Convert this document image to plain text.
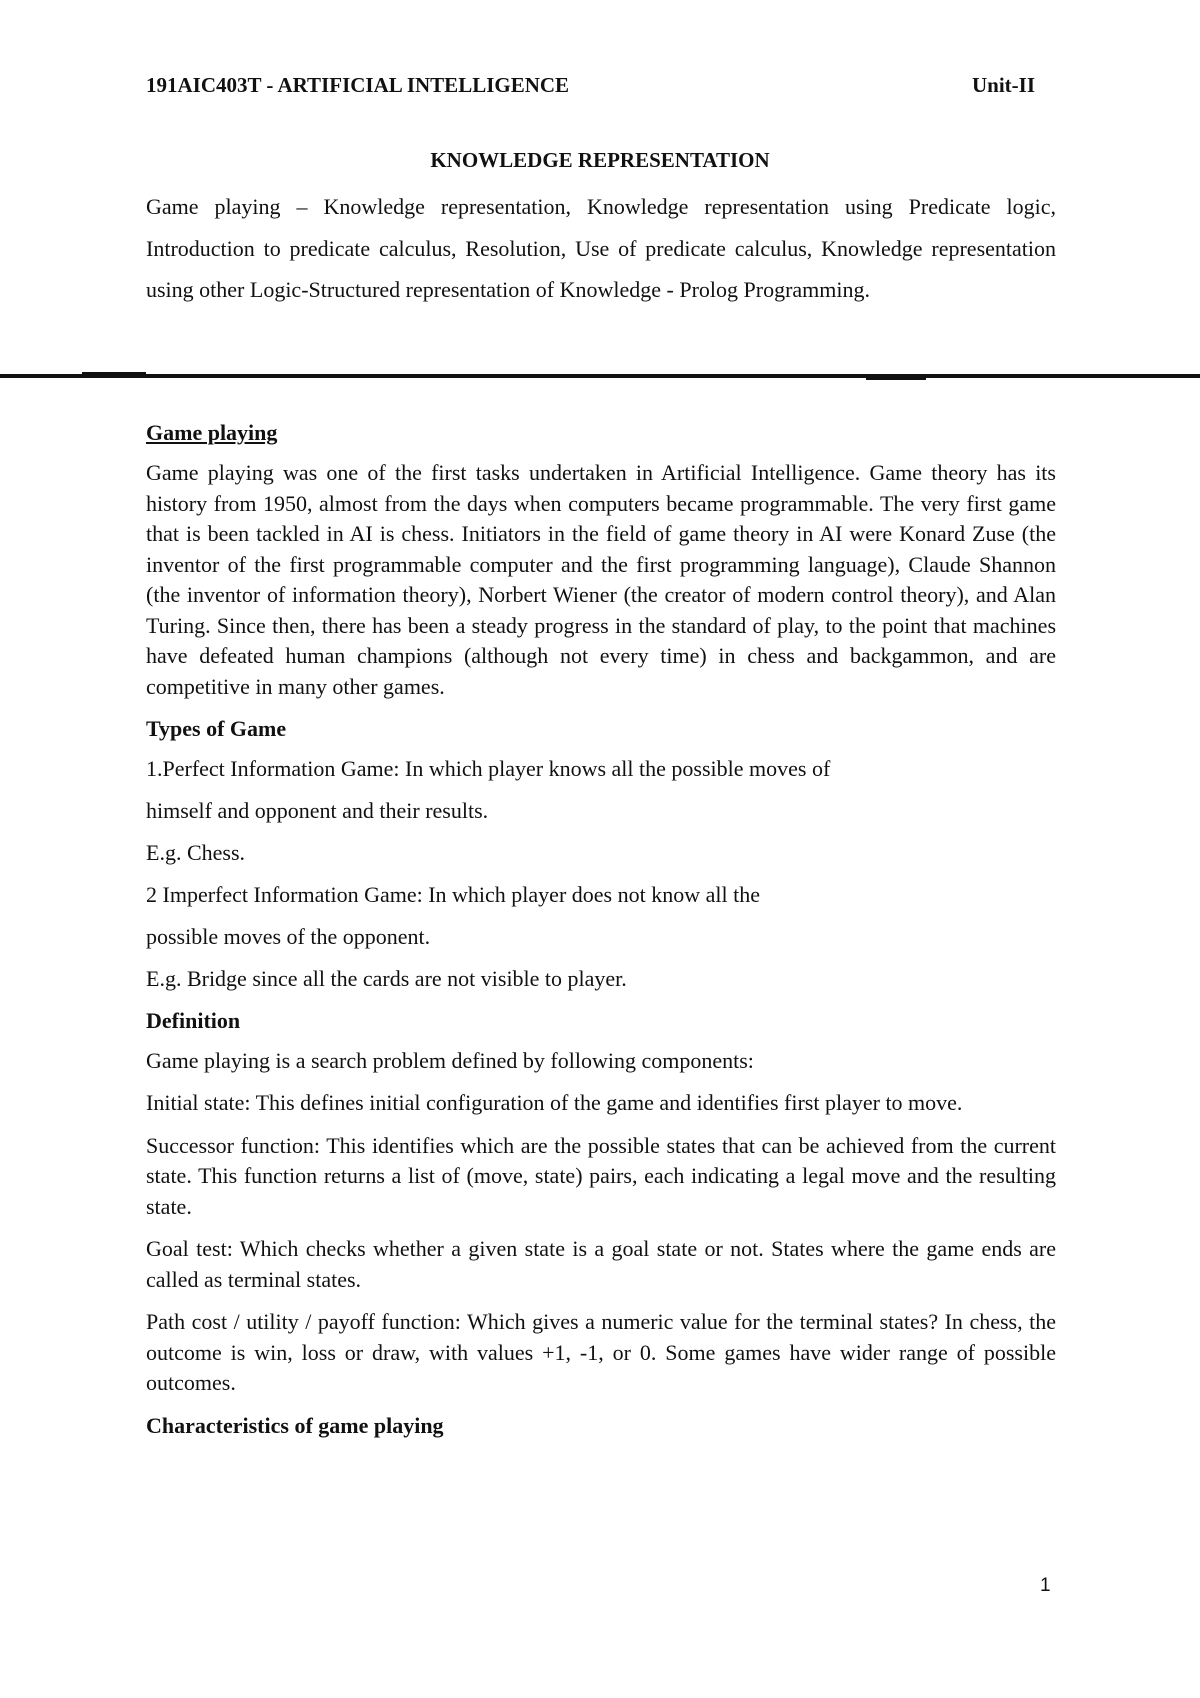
191AIC403T - ARTIFICIAL INTELLIGENCE	Unit-II
KNOWLEDGE REPRESENTATION

Game playing – Knowledge representation, Knowledge representation using Predicate logic, Introduction to predicate calculus, Resolution, Use of predicate calculus, Knowledge representation using other Logic-Structured representation of Knowledge - Prolog Programming.

Game playing

Game playing was one of the first tasks undertaken in Artificial Intelligence. Game theory has its history from 1950, almost from the days when computers became programmable. The very first game that is been tackled in AI is chess. Initiators in the field of game theory in AI were Konard Zuse (the inventor of the first programmable computer and the first programming language), Claude Shannon (the inventor of information theory), Norbert Wiener (the creator of modern control theory), and Alan Turing. Since then, there has been a steady progress in the standard of play, to the point that machines have defeated human champions (although not every time) in chess and backgammon, and are competitive in many other games.

Types of Game

1.Perfect Information Game: In which player knows all the possible moves of

himself and opponent and their results.

E.g. Chess.

2 Imperfect Information Game: In which player does not know all the

possible moves of the opponent.

E.g. Bridge since all the cards are not visible to player.

Definition

Game playing is a search problem defined by following components:

Initial state: This defines initial configuration of the game and identifies first player to move.

Successor function: This identifies which are the possible states that can be achieved from the current state. This function returns a list of (move, state) pairs, each indicating a legal move and the resulting state.

Goal test: Which checks whether a given state is a goal state or not. States where the game ends are called as terminal states.

Path cost / utility / payoff function: Which gives a numeric value for the terminal states? In chess, the outcome is win, loss or draw, with values +1, -1, or 0. Some games have wider range of possible outcomes.

Characteristics of game playing
1
